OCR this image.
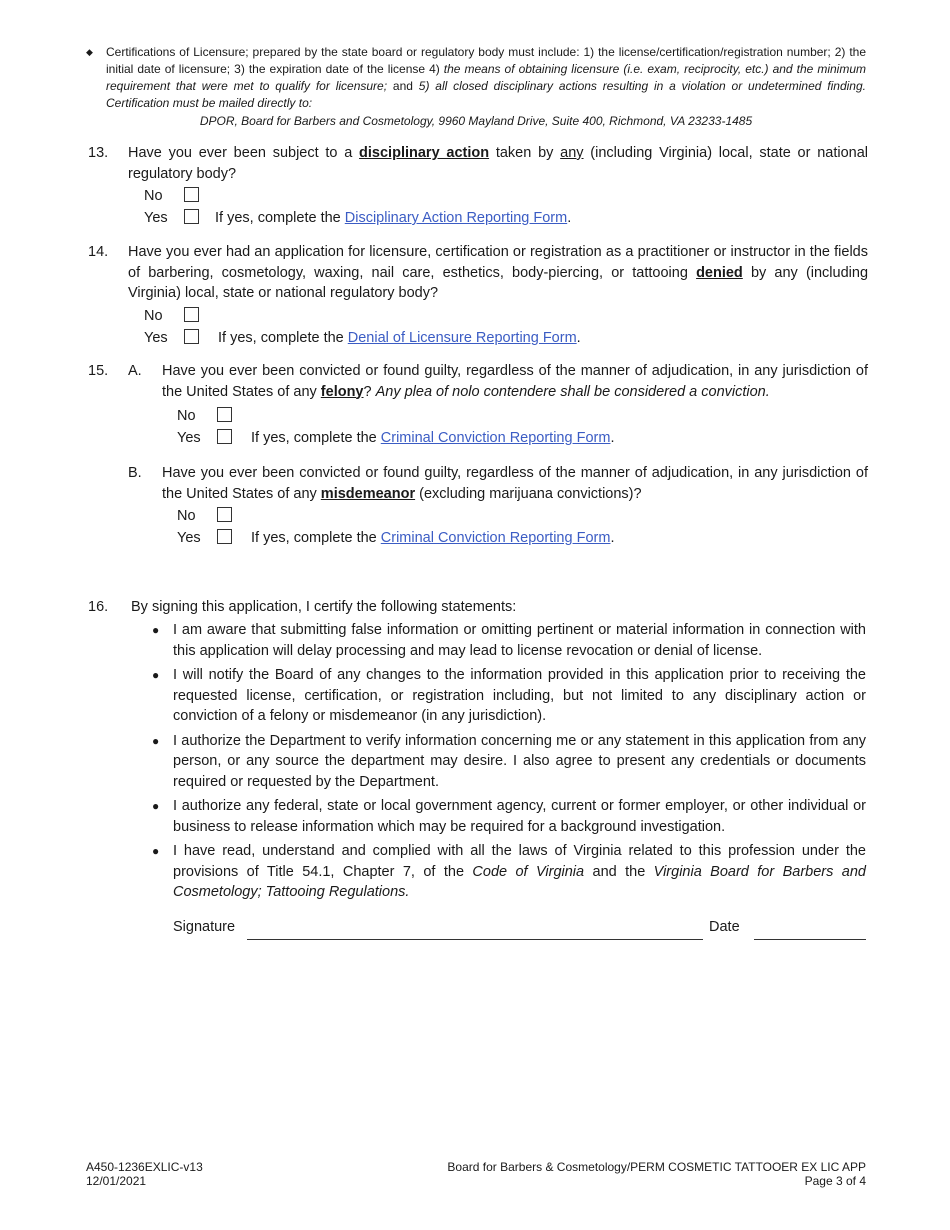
◆ Certifications of Licensure; prepared by the state board or regulatory body must include: 1) the license/certification/registration number; 2) the initial date of licensure; 3) the expiration date of the license 4) the means of obtaining licensure (i.e. exam, reciprocity, etc.) and the minimum requirement that were met to qualify for licensure; and 5) all closed disciplinary actions resulting in a violation or undetermined finding. Certification must be mailed directly to:
DPOR, Board for Barbers and Cosmetology, 9960 Mayland Drive, Suite 400, Richmond, VA 23233-1485
13. Have you ever been subject to a disciplinary action taken by any (including Virginia) local, state or national regulatory body?
No
Yes	If yes, complete the Disciplinary Action Reporting Form.
14. Have you ever had an application for licensure, certification or registration as a practitioner or instructor in the fields of barbering, cosmetology, waxing, nail care, esthetics, body-piercing, or tattooing denied by any (including Virginia) local, state or national regulatory body?
No
Yes	If yes, complete the Denial of Licensure Reporting Form.
15. A. Have you ever been convicted or found guilty, regardless of the manner of adjudication, in any jurisdiction of the United States of any felony? Any plea of nolo contendere shall be considered a conviction.
No
Yes	If yes, complete the Criminal Conviction Reporting Form.
B. Have you ever been convicted or found guilty, regardless of the manner of adjudication, in any jurisdiction of the United States of any misdemeanor (excluding marijuana convictions)?
No
Yes	If yes, complete the Criminal Conviction Reporting Form.
16. By signing this application, I certify the following statements:
● I am aware that submitting false information or omitting pertinent or material information in connection with this application will delay processing and may lead to license revocation or denial of license.
● I will notify the Board of any changes to the information provided in this application prior to receiving the requested license, certification, or registration including, but not limited to any disciplinary action or conviction of a felony or misdemeanor (in any jurisdiction).
● I authorize the Department to verify information concerning me or any statement in this application from any person, or any source the department may desire. I also agree to present any credentials or documents required or requested by the Department.
● I authorize any federal, state or local government agency, current or former employer, or other individual or business to release information which may be required for a background investigation.
● I have read, understand and complied with all the laws of Virginia related to this profession under the provisions of Title 54.1, Chapter 7, of the Code of Virginia and the Virginia Board for Barbers and Cosmetology; Tattooing Regulations.
Signature	Date
A450-1236EXLIC-v13
12/01/2021
Board for Barbers & Cosmetology/PERM COSMETIC TATTOOER EX LIC APP
Page 3 of 4
